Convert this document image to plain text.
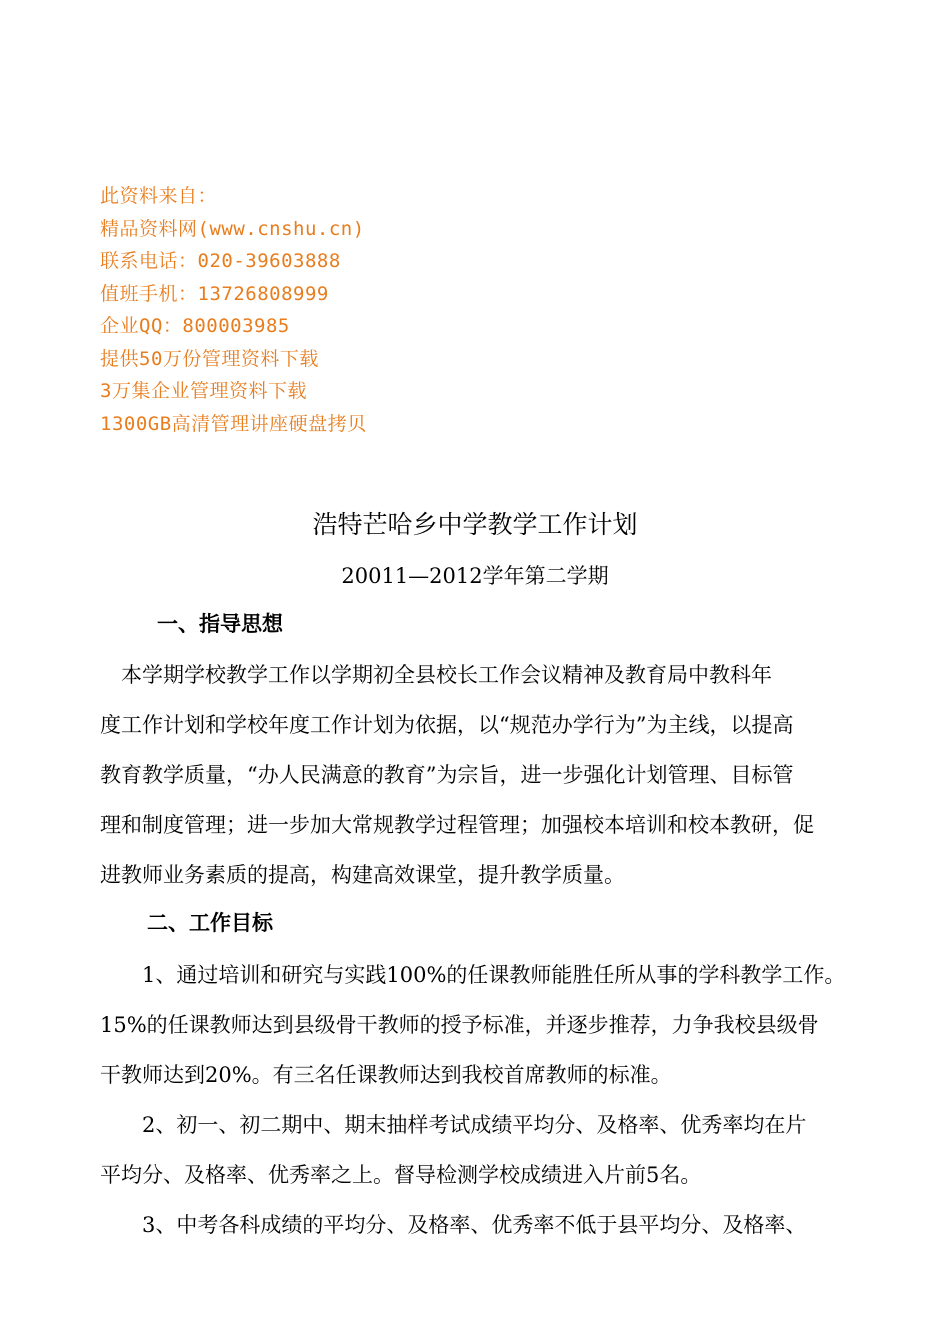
此资料来自：
精品资料网(www.cnshu.cn)
联系电话：020-39603888
值班手机：13726808999
企业QQ：800003985
提供50万份管理资料下载
3万集企业管理资料下载
1300GB高清管理讲座硬盘拷贝
浩特芒哈乡中学教学工作计划
20011—2012学年第二学期
一、指导思想
　本学期学校教学工作以学期初全县校长工作会议精神及教育局中教科年
度工作计划和学校年度工作计划为依据，以“规范办学行为”为主线，以提高
教育教学质量，“办人民满意的教育”为宗旨，进一步强化计划管理、目标管
理和制度管理；进一步加大常规教学过程管理；加强校本培训和校本教研，促
进教师业务素质的提高，构建高效课堂，提升教学质量。
二、工作目标
　　1、通过培训和研究与实践100%的任课教师能胜任所从事的学科教学工作。
15%的任课教师达到县级骨干教师的授予标准，并逐步推荐，力争我校县级骨
干教师达到20%。有三名任课教师达到我校首席教师的标准。
　　2、初一、初二期中、期末抽样考试成绩平均分、及格率、优秀率均在片
平均分、及格率、优秀率之上。督导检测学校成绩进入片前5名。
　　3、中考各科成绩的平均分、及格率、优秀率不低于县平均分、及格率、
